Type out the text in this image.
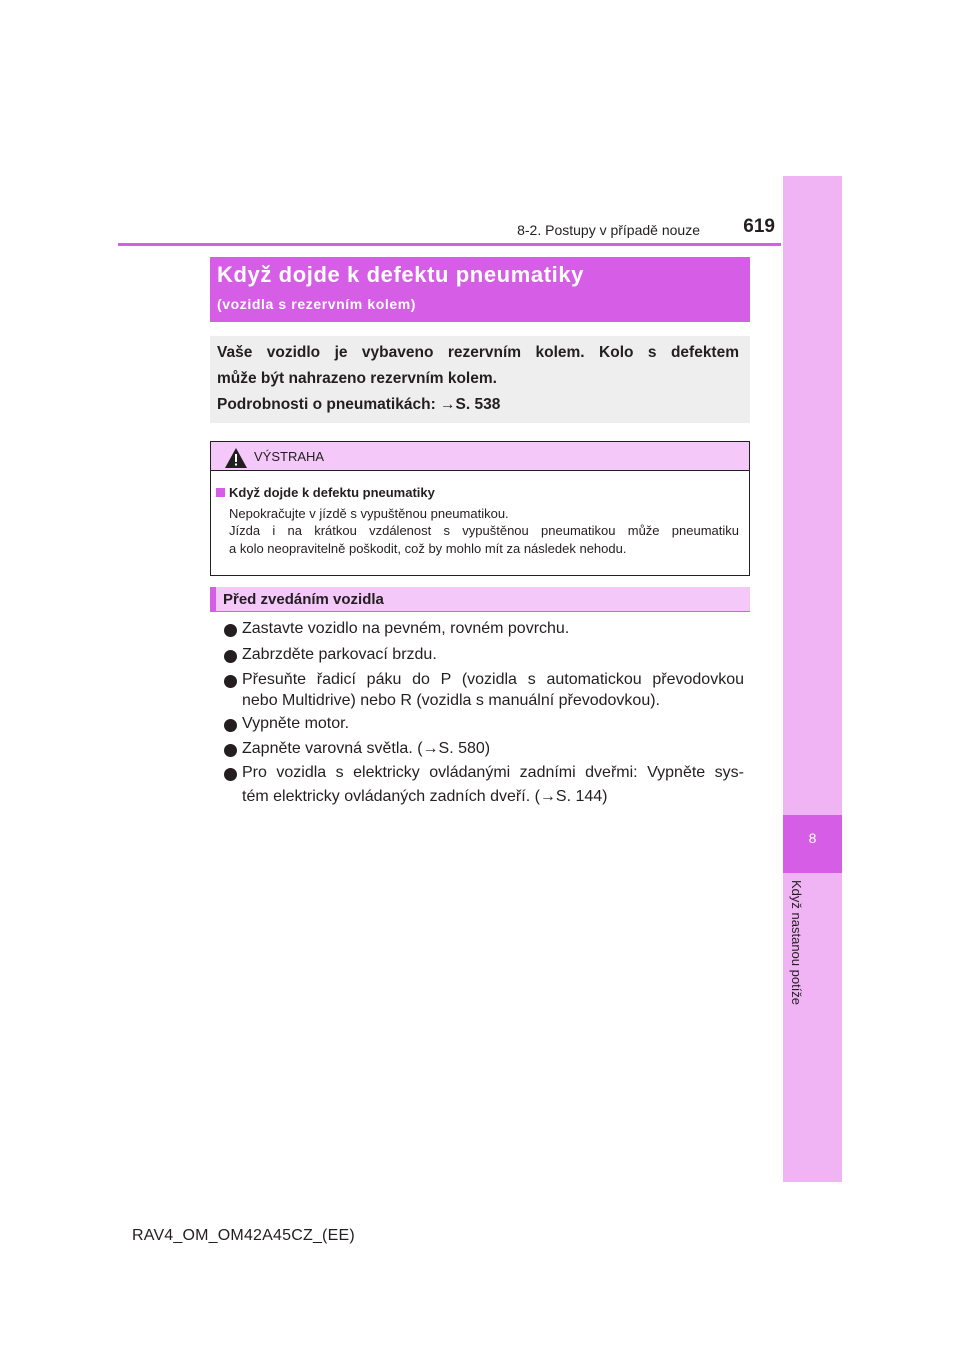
8
Když nastanou potíže
8-2. Postupy v případě nouze	619
Když dojde k defektu pneumatiky
(vozidla s rezervním kolem)
Vaše vozidlo je vybaveno rezervním kolem. Kolo s defektem
může být nahrazeno rezervním kolem.
Podrobnosti o pneumatikách: →S. 538
VÝSTRAHA
Když dojde k defektu pneumatiky
Nepokračujte v jízdě s vypuštěnou pneumatikou.
Jízda i na krátkou vzdálenost s vypuštěnou pneumatikou může pneumatiku
a kolo neopravitelně poškodit, což by mohlo mít za následek nehodu.
Před zvedáním vozidla
Zastavte vozidlo na pevném, rovném povrchu.
Zabrzděte parkovací brzdu.
Přesuňte řadicí páku do P (vozidla s automatickou převodovkou
nebo Multidrive) nebo R (vozidla s manuální převodovkou).
Vypněte motor.
Zapněte varovná světla. (→S. 580)
Pro vozidla s elektricky ovládanými zadními dveřmi: Vypněte sys-
tém elektricky ovládaných zadních dveří. (→S. 144)
RAV4_OM_OM42A45CZ_(EE)
